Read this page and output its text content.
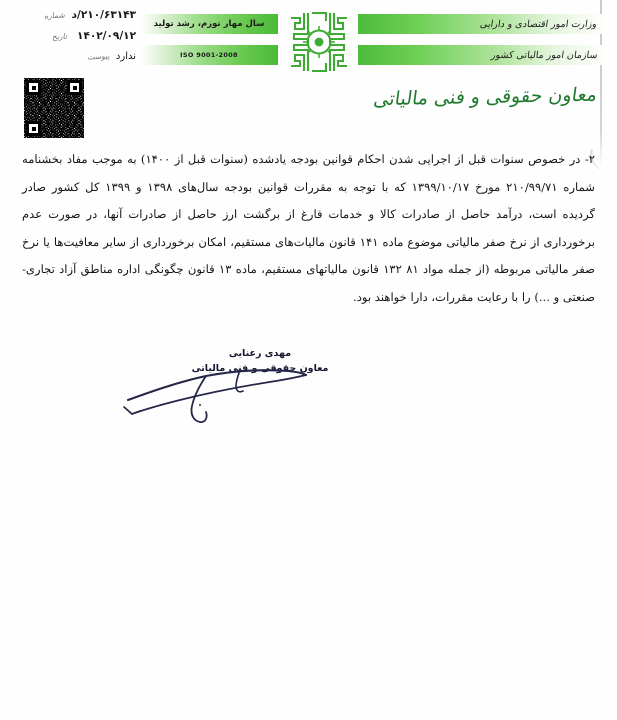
۲۱۰/۶۳۱۴۳/د
شماره
۱۴۰۲/۰۹/۱۲
تاریخ
ندارد
پیوست
وزارت امور اقتصادی و دارایی
سازمان امور مالیاتی کشور
سال مهار تورم، رشد تولید
ISO 9001-2008
معاون حقوقی و فنی مالیاتی

۲- در خصوص سنوات قبل از اجرایی شدن احکام قوانین بودجه یادشده (سنوات قبل از ۱۴۰۰) به موجب مفاد بخشنامه شماره ۲۱۰/۹۹/۷۱ مورخ ۱۳۹۹/۱۰/۱۷ که با توجه به مقررات قوانین بودجه سال‌های ۱۳۹۸ و ۱۳۹۹ کل کشور صادر گردیده است، درآمد حاصل از صادرات کالا و خدمات فارغ از برگشت ارز حاصل از صادرات آنها، در صورت عدم برخورداری از نرخ صفر مالیاتی موضوع ماده ۱۴۱ قانون مالیات‌های مستقیم، امکان برخورداری از سایر معافیت‌ها یا نرخ صفر مالیاتی مربوطه (از جمله مواد ۸۱ ۱۳۲ قانون مالیاتهای مستقیم، ماده ۱۳ قانون چگونگی اداره مناطق آزاد تجاری-صنعتی و ...) را با رعایت مقررات، دارا خواهند بود.

مهدی رعنایی
معاون حقوقی و فنی مالیاتی
